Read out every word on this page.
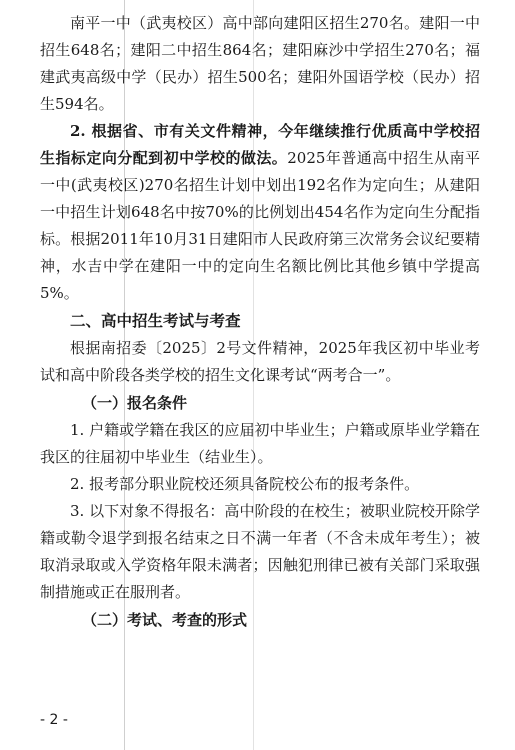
南平一中（武夷校区）高中部向建阳区招生270名。建阳一中招生648名；建阳二中招生864名；建阳麻沙中学招生270名；福建武夷高级中学（民办）招生500名；建阳外国语学校（民办）招生594名。

2. 根据省、市有关文件精神，今年继续推行优质高中学校招生指标定向分配到初中学校的做法。2025年普通高中招生从南平一中(武夷校区)270名招生计划中划出192名作为定向生；从建阳一中招生计划648名中按70%的比例划出454名作为定向生分配指标。根据2011年10月31日建阳市人民政府第三次常务会议纪要精神，水吉中学在建阳一中的定向生名额比例比其他乡镇中学提高5%。

二、高中招生考试与考查

根据南招委〔2025〕2号文件精神，2025年我区初中毕业考试和高中阶段各类学校的招生文化课考试“两考合一”。

（一）报名条件

1. 户籍或学籍在我区的应届初中毕业生；户籍或原毕业学籍在我区的往届初中毕业生（结业生）。

2. 报考部分职业院校还须具备院校公布的报考条件。

3. 以下对象不得报名：高中阶段的在校生；被职业院校开除学籍或勒令退学到报名结束之日不满一年者（不含未成年考生）；被取消录取或入学资格年限未满者；因触犯刑律已被有关部门采取强制措施或正在服刑者。

（二）考试、考查的形式
- 2 -
